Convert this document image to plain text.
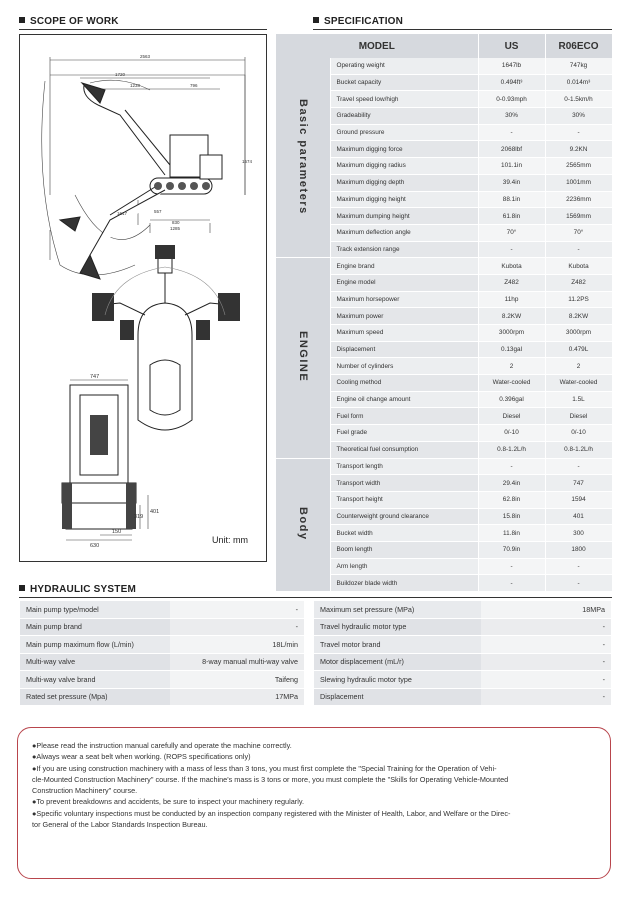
SCOPE OF WORK	SPECIFICATION
2563
1720
1238	796
1574
1617	557
830
1285
747
319
401
150
630
Unit: mm
MODEL		US	R06ECO
Basic parameters	Operating weight	1647lb	747kg
	Bucket capacity	0.494ft³	0.014m³
	Travel speed low/high	0-0.93mph	0-1.5km/h
	Gradeability	30%	30%
	Ground pressure	-	-
	Maximum digging force	2068lbf	9.2KN
	Maximum digging radius	101.1in	2565mm
	Maximum digging depth	39.4in	1001mm
	Maximum digging height	88.1in	2236mm
	Maximum dumping height	61.8in	1569mm
	Maximum deflection angle	70°	70°
	Track extension range	-	-
ENGINE	Engine brand	Kubota	Kubota
	Engine model	Z482	Z482
	Maximum horsepower	11hp	11.2PS
	Maximum power	8.2KW	8.2KW
	Maximum speed	3000rpm	3000rpm
	Displacement	0.13gal	0.479L
	Number of cylinders	2	2
	Cooling method	Water-cooled	Water-cooled
	Engine oil change amount	0.396gal	1.5L
	Fuel form	Diesel	Diesel
	Fuel grade	0/-10	0/-10
	Theoretical fuel consumption	0.8-1.2L/h	0.8-1.2L/h
Body	Transport length	-	-
	Transport width	29.4in	747
	Transport height	62.8in	1594
	Counterweight ground clearance	15.8in	401
	Bucket width	11.8in	300
	Boom length	70.9in	1800
	Arm length	-	-
	Buildozer blade width	-	-
HYDRAULIC SYSTEM
Main pump type/model	-
Main pump brand	-
Main pump maximum flow (L/min)	18L/min
Multi-way valve	8-way manual multi-way valve
Multi-way valve brand	Taifeng
Rated set pressure (Mpa)	17MPa
Maximum set pressure (MPa)	18MPa
Travel hydraulic motor type	-
Travel motor brand	-
Motor displacement (mL/r)	-
Slewing hydraulic motor type	-
Displacement	-

●Please read the instruction manual carefully and operate the machine correctly.

●Always wear a seat belt when working. (ROPS specifications only)

●If you are using construction machinery with a mass of less than 3 tons, you must first complete the "Special Training for the Operation of Vehi-

cle-Mounted Construction Machinery" course. If the machine's mass is 3 tons or more, you must complete the "Skills for Operating Vehicle-Mounted

Construction Machinery" course.

●To prevent breakdowns and accidents, be sure to inspect your machinery regularly.

●Specific voluntary inspections must be conducted by an inspection company registered with the Minister of Health, Labor, and Welfare or the Direc-

tor General of the Labor Standards Inspection Bureau.
